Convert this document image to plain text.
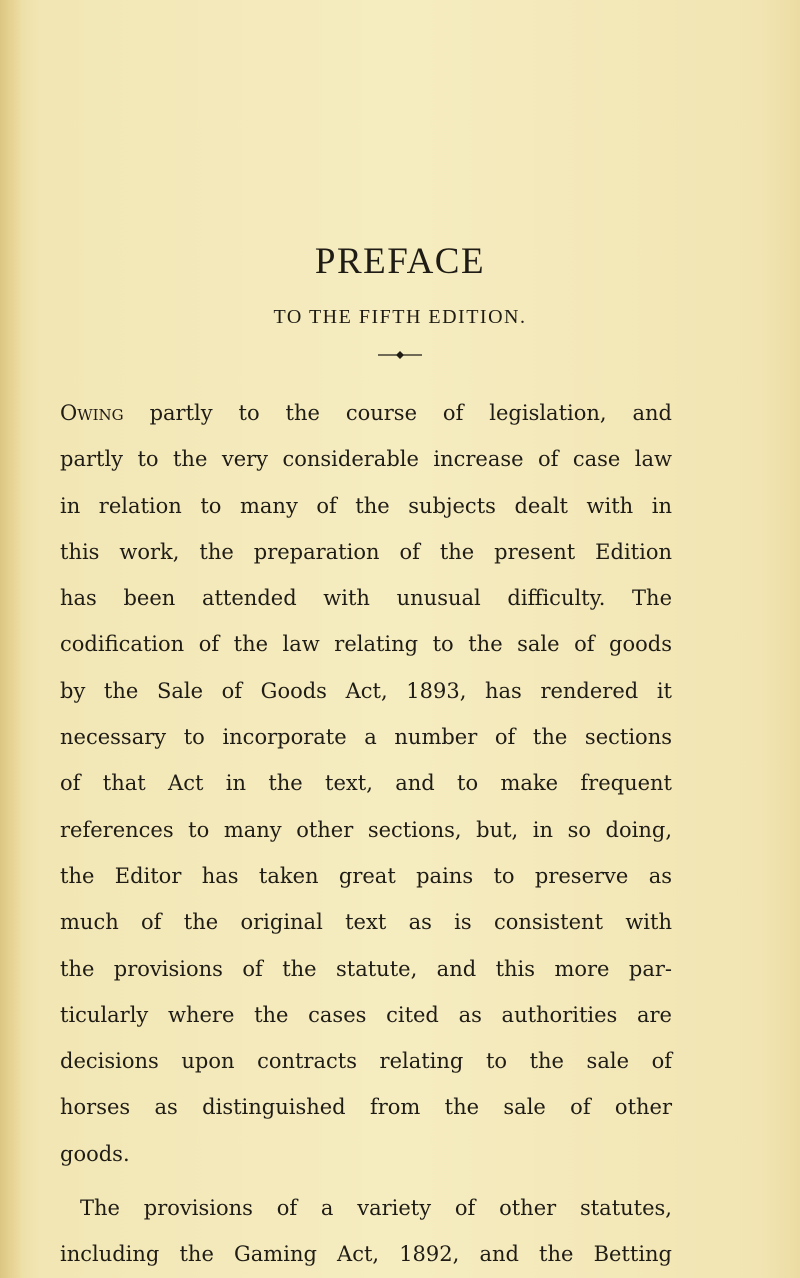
PREFACE
TO THE FIFTH EDITION.
Owing partly to the course of legislation, and
partly to the very considerable increase of case law
in relation to many of the subjects dealt with in
this work, the preparation of the present Edition
has been attended with unusual difficulty. The
codification of the law relating to the sale of goods
by the Sale of Goods Act, 1893, has rendered it
necessary to incorporate a number of the sections
of that Act in the text, and to make frequent
references to many other sections, but, in so doing,
the Editor has taken great pains to preserve as
much of the original text as is consistent with
the provisions of the statute, and this more par-
ticularly where the cases cited as authorities are
decisions upon contracts relating to the sale of
horses as distinguished from the sale of other
goods.
The provisions of a variety of other statutes,
including the Gaming Act, 1892, and the Betting
